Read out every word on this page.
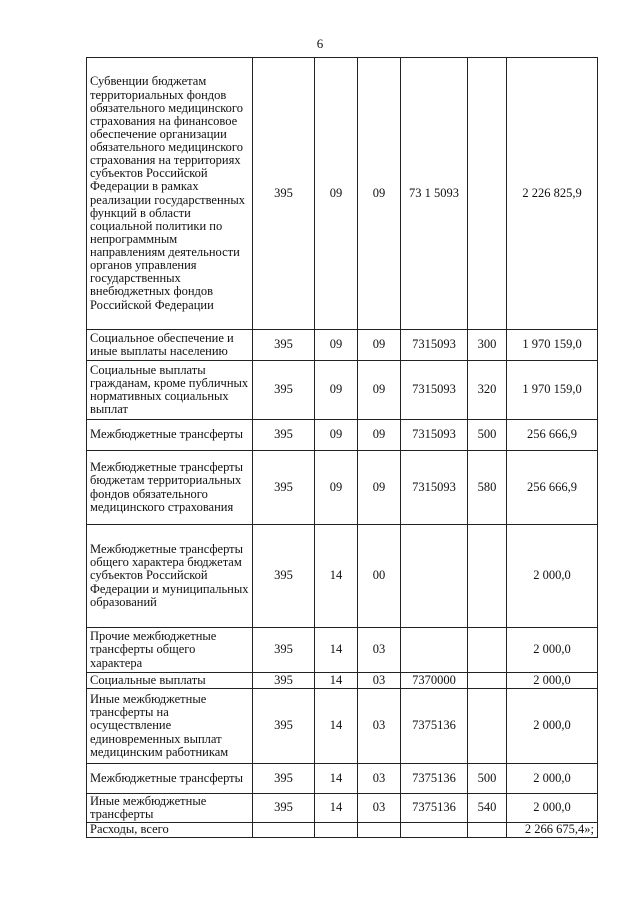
6
Субвенции бюджетам территориальных фондов обязательного медицинского страхования на финансовое обеспечение организации обязательного медицинского страхования на территориях субъектов Российской Федерации в рамках реализации государственных функций в области социальной политики по непрограммным направлениям деятельности органов управления государственных внебюджетных фондов Российской Федерации	395	09	09	73 1 5093		2 226 825,9
Социальное обеспечение и иные выплаты населению	395	09	09	7315093	300	1 970 159,0
Социальные выплаты гражданам, кроме публичных нормативных социальных выплат	395	09	09	7315093	320	1 970 159,0
Межбюджетные трансферты	395	09	09	7315093	500	256 666,9
Межбюджетные трансферты бюджетам территориальных фондов обязательного медицинского страхования	395	09	09	7315093	580	256 666,9
Межбюджетные трансферты общего характера бюджетам субъектов Российской Федерации и муниципальных образований	395	14	00			2 000,0
Прочие межбюджетные трансферты общего характера	395	14	03			2 000,0
Социальные выплаты	395	14	03	7370000		2 000,0
Иные межбюджетные трансферты на осуществление единовременных выплат медицинским работникам	395	14	03	7375136		2 000,0
Межбюджетные трансферты	395	14	03	7375136	500	2 000,0
Иные межбюджетные трансферты	395	14	03	7375136	540	2 000,0
Расходы, всего						2 266 675,4»;
